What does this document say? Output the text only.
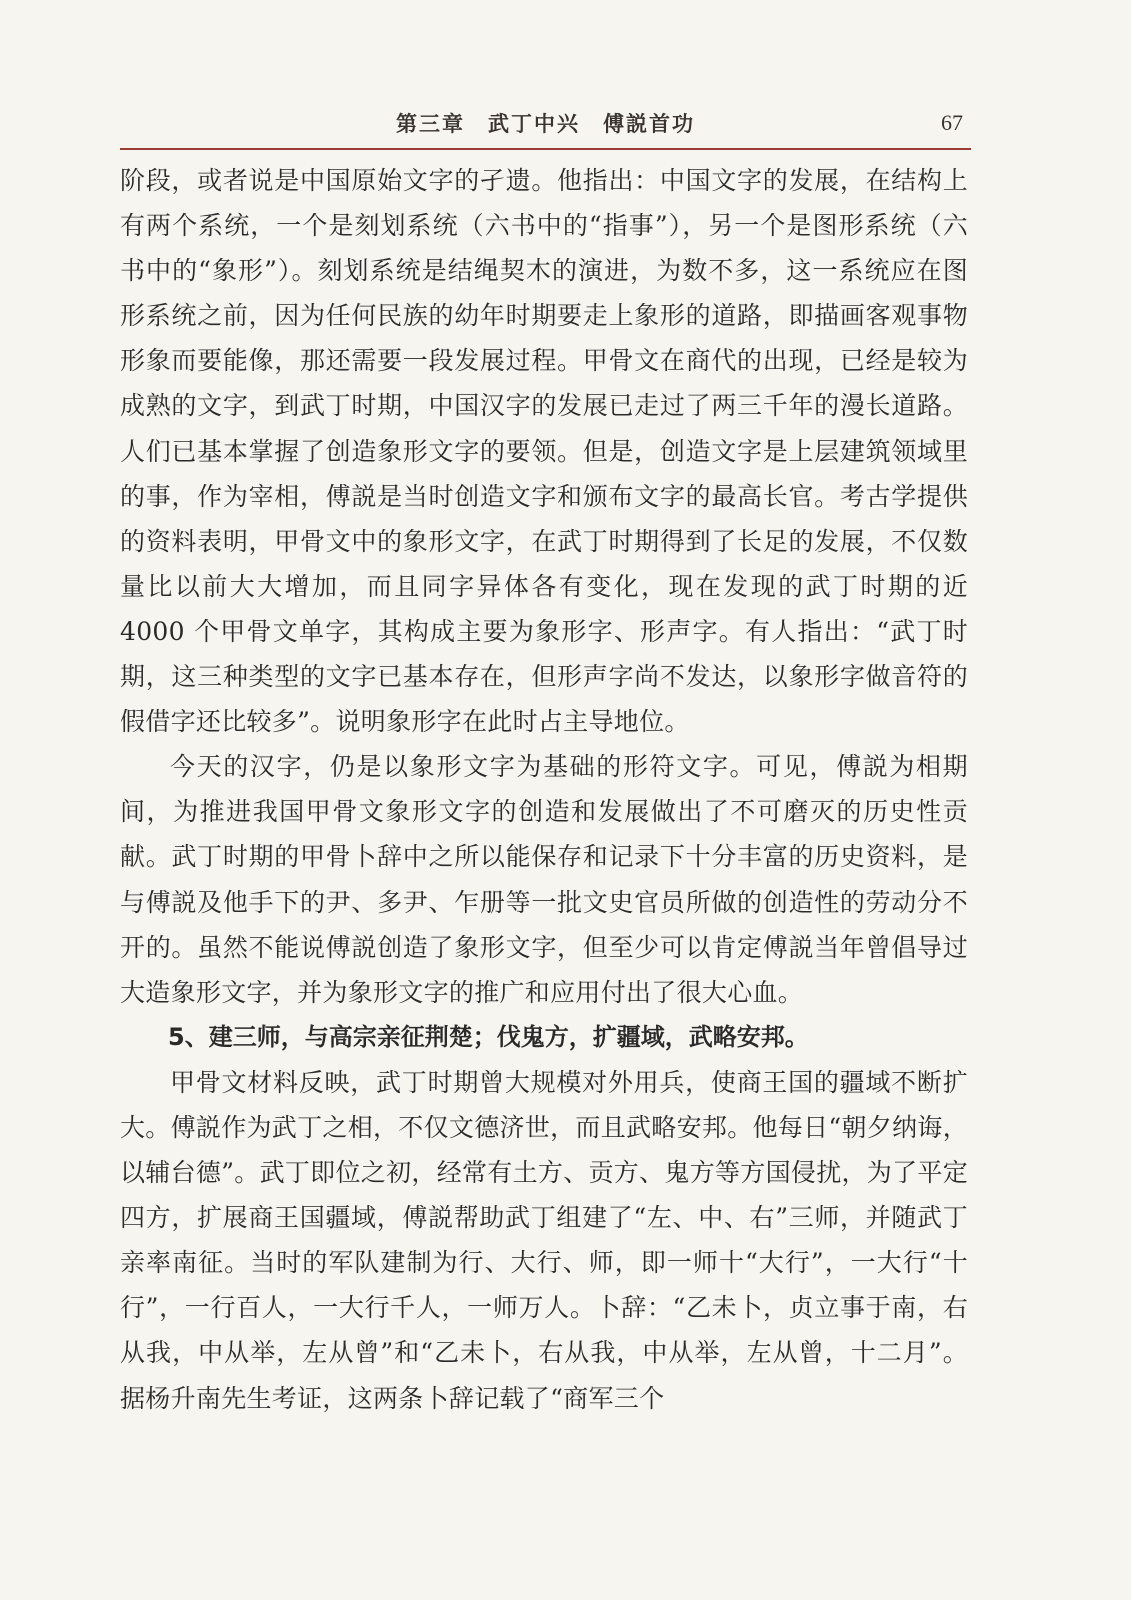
第三章　武丁中兴　傅説首功	67

阶段，或者说是中国原始文字的孑遗。他指出：中国文字的发展，在结构上有两个系统，一个是刻划系统（六书中的“指事”），另一个是图形系统（六书中的“象形”）。刻划系统是结绳契木的演进，为数不多，这一系统应在图形系统之前，因为任何民族的幼年时期要走上象形的道路，即描画客观事物形象而要能像，那还需要一段发展过程。甲骨文在商代的出现，已经是较为成熟的文字，到武丁时期，中国汉字的发展已走过了两三千年的漫长道路。人们已基本掌握了创造象形文字的要领。但是，创造文字是上层建筑领域里的事，作为宰相，傅説是当时创造文字和颁布文字的最高长官。考古学提供的资料表明，甲骨文中的象形文字，在武丁时期得到了长足的发展，不仅数量比以前大大增加，而且同字异体各有变化，现在发现的武丁时期的近 4000 个甲骨文单字，其构成主要为象形字、形声字。有人指出：“武丁时期，这三种类型的文字已基本存在，但形声字尚不发达，以象形字做音符的假借字还比较多”。说明象形字在此时占主导地位。

今天的汉字，仍是以象形文字为基础的形符文字。可见，傅説为相期间，为推进我国甲骨文象形文字的创造和发展做出了不可磨灭的历史性贡献。武丁时期的甲骨卜辞中之所以能保存和记录下十分丰富的历史资料，是与傅説及他手下的尹、多尹、乍册等一批文史官员所做的创造性的劳动分不开的。虽然不能说傅説创造了象形文字，但至少可以肯定傅説当年曾倡导过大造象形文字，并为象形文字的推广和应用付出了很大心血。

5、建三师，与高宗亲征荆楚；伐鬼方，扩疆域，武略安邦。

甲骨文材料反映，武丁时期曾大规模对外用兵，使商王国的疆域不断扩大。傅説作为武丁之相，不仅文德济世，而且武略安邦。他每日“朝夕纳诲，以辅台德”。武丁即位之初，经常有土方、贡方、鬼方等方国侵扰，为了平定四方，扩展商王国疆域，傅説帮助武丁组建了“左、中、右”三师，并随武丁亲率南征。当时的军队建制为行、大行、师，即一师十“大行”，一大行“十行”，一行百人，一大行千人，一师万人。卜辞：“乙未卜，贞立事于南，右从我，中从举，左从曾”和“乙未卜，右从我，中从举，左从曾，十二月”。据杨升南先生考证，这两条卜辞记载了“商军三个
